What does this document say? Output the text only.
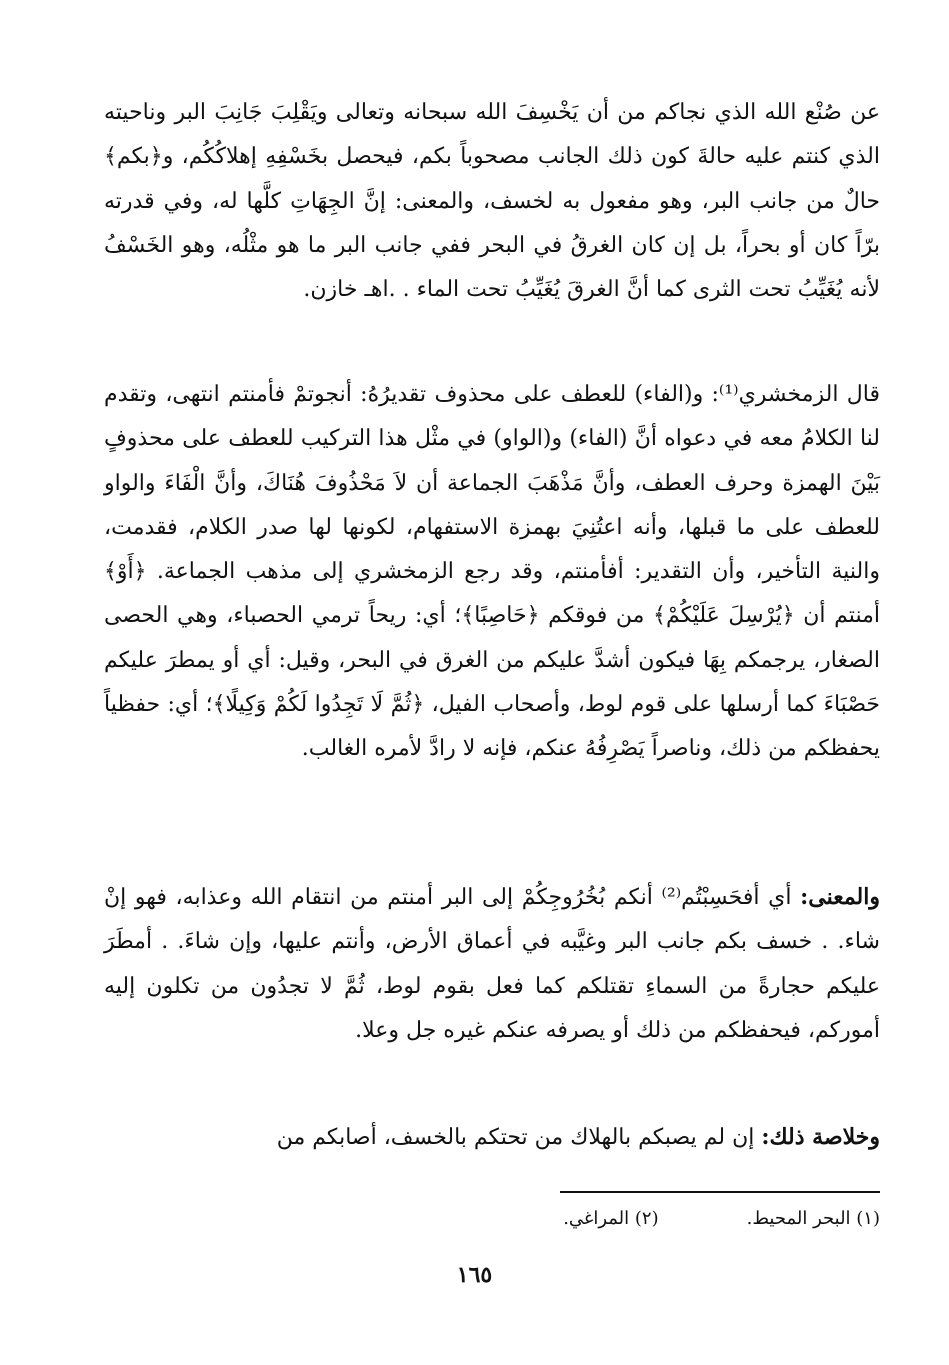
عن صُنْع الله الذي نجاكم من أن يَخْسِفَ الله سبحانه وتعالى ويَقْلِبَ جَانِبَ البر وناحيته الذي كنتم عليه حالةَ كون ذلك الجانب مصحوباً بكم، فيحصل بخَسْفِهِ إهلاكُكُم، و﴿بكم﴾ حالٌ من جانب البر، وهو مفعول به لخسف، والمعنى: إنَّ الجِهَاتِ كلَّها له، وفي قدرته برّاً كان أو بحراً، بل إن كان الغرقُ في البحر ففي جانب البر ما هو مثْلُه، وهو الخَسْفُ لأنه يُغَيِّبُ تحت الثرى كما أنَّ الغرقَ يُغَيِّبُ تحت الماء . .اهـ خازن.

قال الزمخشري⁽¹⁾: و(الفاء) للعطف على محذوف تقديرُهُ: أنجوتمْ فأمنتم انتهى، وتقدم لنا الكلامُ معه في دعواه أنَّ (الفاء) و(الواو) في مثْل هذا التركيب للعطف على محذوفٍ بَيْنَ الهمزة وحرف العطف، وأنَّ مَذْهَبَ الجماعة أن لاَ مَحْذُوفَ هُنَاكَ، وأنَّ الْفَاءَ والواو للعطف على ما قبلها، وأنه اعتُنِيَ بهمزة الاستفهام، لكونها لها صدر الكلام، فقدمت، والنية التأخير، وأن التقدير: أفأمنتم، وقد رجع الزمخشري إلى مذهب الجماعة. ﴿أَوْ﴾ أمنتم أن ﴿يُرْسِلَ عَلَيْكُمْ﴾ من فوقكم ﴿حَاصِبًا﴾؛ أي: ريحاً ترمي الحصباء، وهي الحصى الصغار، يرجمكم بِهَا فيكون أشدَّ عليكم من الغرق في البحر، وقيل: أي أو يمطرَ عليكم حَصْبَاءَ كما أرسلها على قوم لوط، وأصحاب الفيل، ﴿ثُمَّ لَا تَجِدُوا لَكُمْ وَكِيلًا﴾؛ أي: حفظياً يحفظكم من ذلك، وناصراً يَصْرِفُهُ عنكم، فإنه لا رادَّ لأمره الغالب.

والمعنى: أي أفحَسِبْتُم⁽²⁾ أنكم بُخُرُوجِكُمْ إلى البر أمنتم من انتقام الله وعذابه، فهو إنْ شاء. . خسف بكم جانب البر وغيَّبه في أعماق الأرض، وأنتم عليها، وإن شاءَ. . أمطَرَ عليكم حجارةً من السماءِ تقتلكم كما فعل بقوم لوط، ثُمَّ لا تجدُون من تكلون إليه أموركم، فيحفظكم من ذلك أو يصرفه عنكم غيره جل وعلا.

وخلاصة ذلك: إن لم يصبكم بالهلاك من تحتكم بالخسف، أصابكم من

(١) البحر المحيط.
(٢) المراغي.
١٦٥
